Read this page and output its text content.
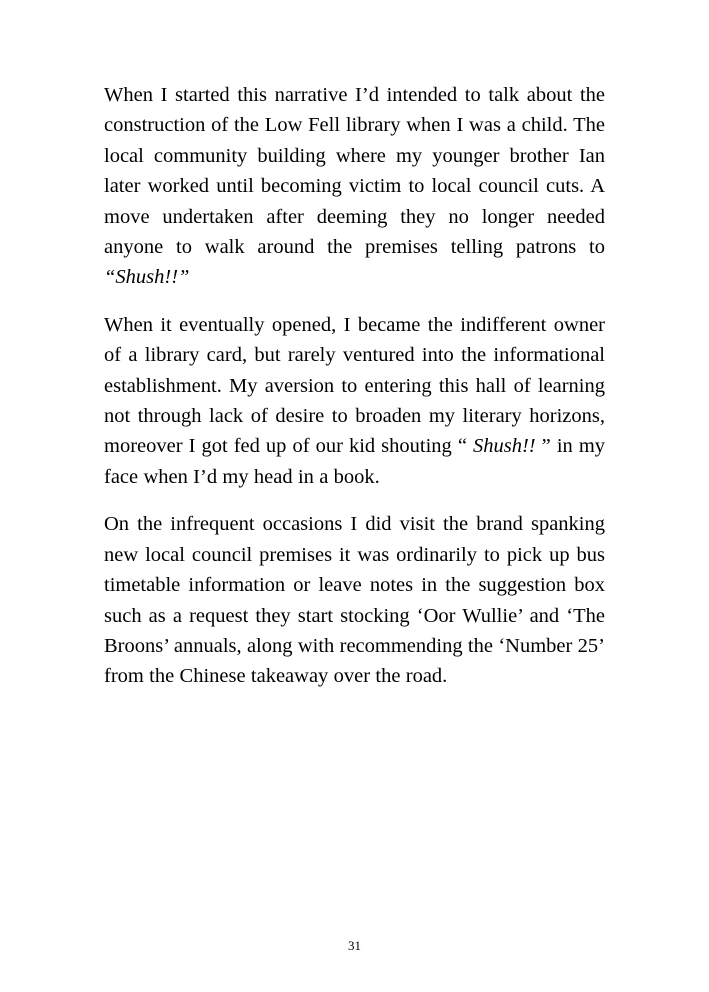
When I started this narrative I’d intended to talk about the construction of the Low Fell library when I was a child. The local community building where my younger brother Ian later worked until becoming victim to local council cuts. A move undertaken after deeming they no longer needed anyone to walk around the premises telling patrons to “Shush!!”

When it eventually opened, I became the indifferent owner of a library card, but rarely ventured into the informational establishment. My aversion to entering this hall of learning not through lack of desire to broaden my literary horizons, moreover I got fed up of our kid shouting “ Shush!! ” in my face when I’d my head in a book.

On the infrequent occasions I did visit the brand spanking new local council premises it was ordinarily to pick up bus timetable information or leave notes in the suggestion box such as a request they start stocking ‘Oor Wullie’ and ‘The Broons’ annuals, along with recommending the ‘Number 25’ from the Chinese takeaway over the road.

31
